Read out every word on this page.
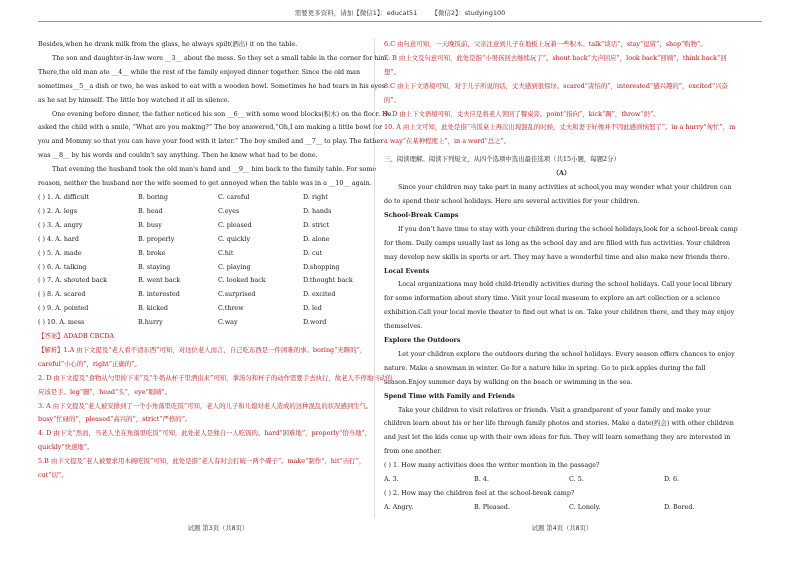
需要更多资料，请加【微信1】：educat51 【微信2】：studying100

Besides,when he drank milk from the glass, he always spilt(洒出) it on the table.

The son and daughter-in-law were __3__ about the mess. So they set a small table in the corner for him. There,the old man ate __4__ while the rest of the family enjoyed dinner together. Since the old man sometimes__5__a dish or two, he was asked to eat with a wooden bowl. Sometimes he had tears in his eyes as he sat by himself. The little boy watched it all in silence.

One evening before dinner, the father noticed his son __6__ with some wood blocks(积木) on the floor. He asked the child with a smile, “What are you making?” The boy answered,“Oh,I am making a little bowl for you and Mommy so that you can have your food with it later.” The boy smiled and __7__ to play. The father was __8__ by his words and couldn't say anything. Then he knew what had to be done.

That evening the husband took the old man's hand and __9__ him back to the family table. For some reason, neither the husband nor the wife seemed to get annoyed when the table was in a __10__ again.

( ) 1. A. difficult	B. boring	C. careful	D. right
( ) 2. A. legs	B. head	C.eyes	D. hands
( ) 3. A. angry	B. busy	C. pleased	D. strict
( ) 4. A. hard	B. properly	C. quickly	D. alone
( ) 5. A. made	B. broke	C.hit	D. cut
( ) 6. A. talking	B. staying	C. playing	D.shopping
( ) 7. A. shouted back	B. went back	C. looked back	D.thought back
( ) 8. A. scared	B. interested	C.surprised	D. excited
( ) 9. A. pointed	B. kicked	C.threw	D. led
( ) 10. A. mess	B.hurry	C.way	D.word

【答案】ADADB CBCDA

【解析】1.A 由下文提及“老人看不清东西”可知，对这位老人而言，自己吃东西是一件困难的事。boring“无聊的”，careful“小心的”，right“正确的”。

2. D 由下文提及“食物从勺里掉下来”及“牛奶从杯子里洒出来”可知，拿汤匀和杯子的动作需要手去执行，故老人不停地抖动的应该是手。leg“腿”，head“头”，eye“眼睛”。

3. A 由下文提及“老人被安排到了一个小角落里吃饭”可知，老人的儿子和儿媳对老人造成的这种混乱的状况感到生气。busy“忙碌的”，pleased“高兴的”，strict“严格的”。

4. D 由下文“然而，当老人坐在角落里吃饭”可知，此处老人是独自一人吃饭的。hard“困难地”，properly“恰当地”，quickly“快速地”。

5.B 由下文提及“老人被要求用木碗吃饭”可知，此处是指“老人有时会打破一两个碟子”。make“制作”，hit“击打”，cut“切”。

6.C 由句意可知，一天晚饭前，父亲注意到儿子在地板上玩着一些积木。talk“谈话”，stay“逗留”，shop“购物”。

7. B 由上文及句意可知，此处是指“小男孩回去继续玩了”。shout back“大声回应”，look back“回顾”，think back“回想”。

8.C 由上下文语境可知，对于儿子所说的话，丈夫感到很惊讶。scared“害怕的”，interested“感兴趣的”，excited“兴奋的”。

9. D 由上下文语境可知，丈夫应是将老人领回了餐桌旁。point“指向”，kick“踢”，throw“扔”。

10. A 由上文可知，此处是指“当饭桌上再次出现混乱的时候，丈夫和妻子好像并不因此感到恼怒了”。in a hurry“匆忙”，in a way“在某种程度上”，in a word“总之”。

三、阅读理解。阅读下列短文，从四个选项中选出最佳选项（共15小题，每题2分）

（A）

Since your children may take part in many activities at school,you may wonder what your children can do to spend their school holidays. Here are several activities for your children.

School-Break Camps

If you don't have time to stay with your children during the school holidays,look for a school-break camp for them. Daily camps usually last as long as the school day and are filled with fun activities. Your children may develop new skills in sports or art. They may have a wonderful time and also make new friends there.

Local Events

Local organizations may hold child-friendly activities during the school holidays. Call your local library for some information about story time. Visit your local museum to explore an art collection or a science exhibition.Call your local movie theater to find out what is on. Take your children there, and they may enjoy themselves.

Explore the Outdoors

Let your children explore the outdoors during the school holidays. Every season offers chances to enjoy nature. Make a snowman in winter. Go for a nature hike in spring. Go to pick apples during the fall season.Enjoy summer days by walking on the beach or swimming in the sea.

Spend Time with Family and Friends

Take your children to visit relatives or friends. Visit a grandparent of your family and make your children learn about his or her life through family photos and stories. Make a date(约会) with other children and just let the kids come up with their own ideas for fun. They will learn something they are interested in from one another.

( ) 1. How many activities does the writer mention in the passage?

A. 3.	B. 4.	C. 5.	D. 6.

( ) 2. How may the children feel at the school-break camp?

A. Angry.	B. Pleased.	C. Lonely.	D. Bored.
试题 第3页（共8页）	试题 第4页（共8页）
